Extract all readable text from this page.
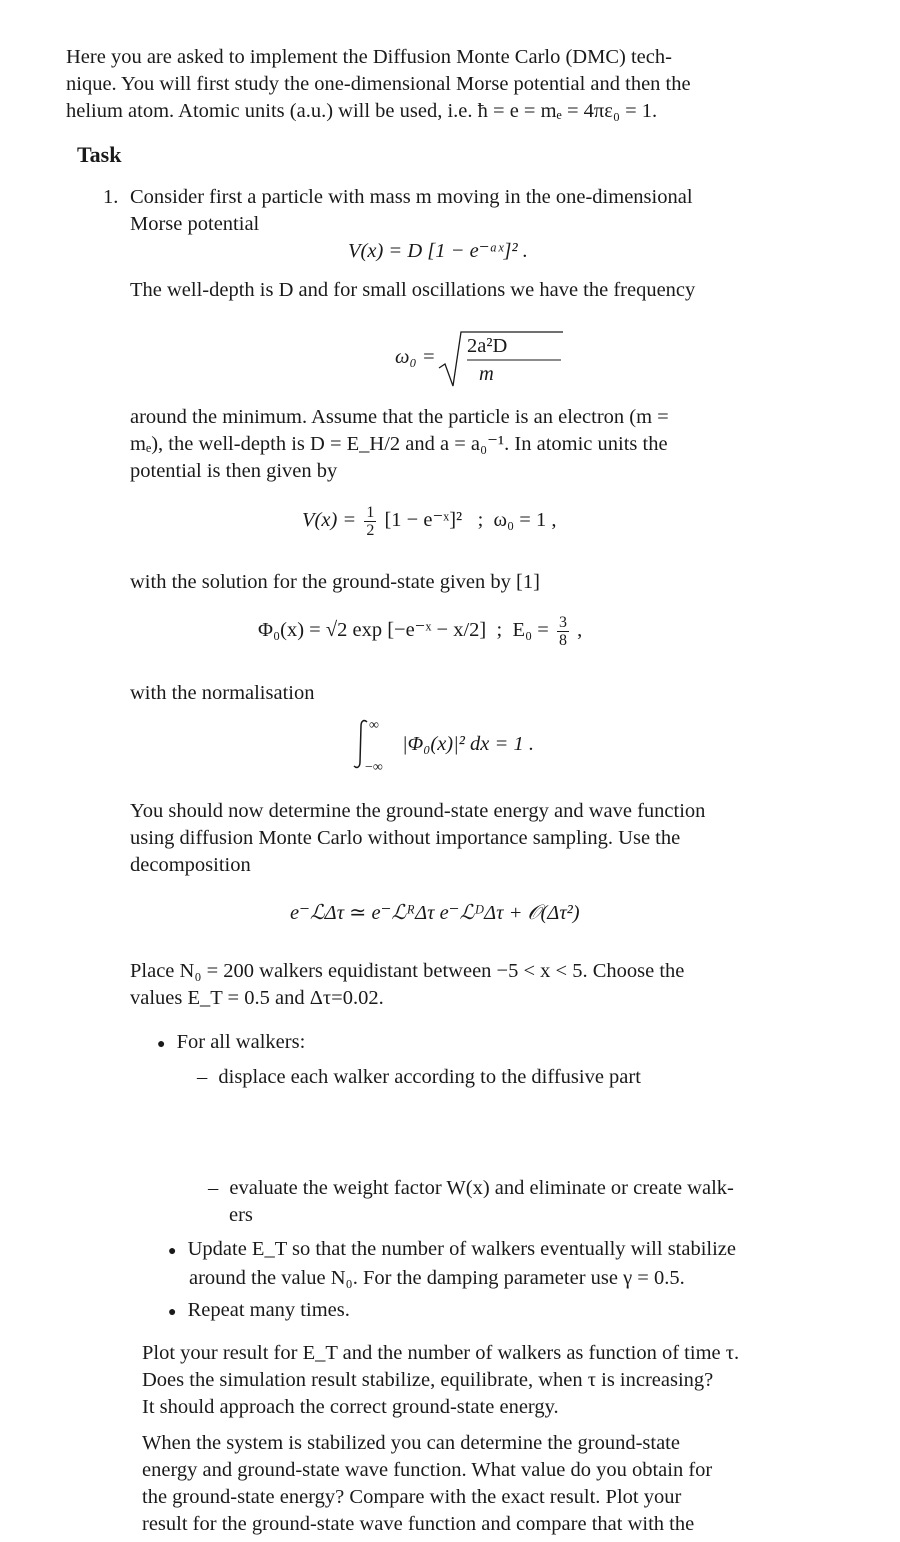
Here you are asked to implement the Diffusion Monte Carlo (DMC) tech-
nique. You will first study the one-dimensional Morse potential and then the
helium atom. Atomic units (a.u.) will be used, i.e. ħ = e = mₑ = 4πε₀ = 1.
Task
1. Consider first a particle with mass m moving in the one-dimensional
Morse potential
V(x) = D [1 − e⁻ᵃˣ]² .
The well-depth is D and for small oscillations we have the frequency
ω₀ = 2a²D
m
around the minimum. Assume that the particle is an electron (m =
mₑ), the well-depth is D = E_H/2 and a = a₀⁻¹. In atomic units the
potential is then given by
$V(x) = \frac{1}{2} [1$ − e⁻ˣ]²   ;  ω₀ = 1 ,
with the solution for the ground-state given by [1]
Φ₀(x) = √2 exp [−e⁻ˣ − x/2]  ;  $E_0 = \frac{3}{8}$ ,
with the normalisation
∞
−∞
|Φ₀(x)|² dx = 1 .
You should now determine the ground-state energy and wave function
using diffusion Monte Carlo without importance sampling. Use the
decomposition
e⁻ℒΔτ ≃ e⁻ℒᴿΔτ e⁻ℒᴰΔτ + 𝒪(Δτ²)
Place N₀ = 200 walkers equidistant between −5 < x < 5. Choose the
values E_T = 0.5 and Δτ=0.02.
● For all walkers:
– displace each walker according to the diffusive part
– evaluate the weight factor W(x) and eliminate or create walk-
ers
● Update E_T so that the number of walkers eventually will stabilize
around the value N₀. For the damping parameter use γ = 0.5.
● Repeat many times.
Plot your result for E_T and the number of walkers as function of time τ.
Does the simulation result stabilize, equilibrate, when τ is increasing?
It should approach the correct ground-state energy.
When the system is stabilized you can determine the ground-state
energy and ground-state wave function. What value do you obtain for
the ground-state energy? Compare with the exact result. Plot your
result for the ground-state wave function and compare that with the
